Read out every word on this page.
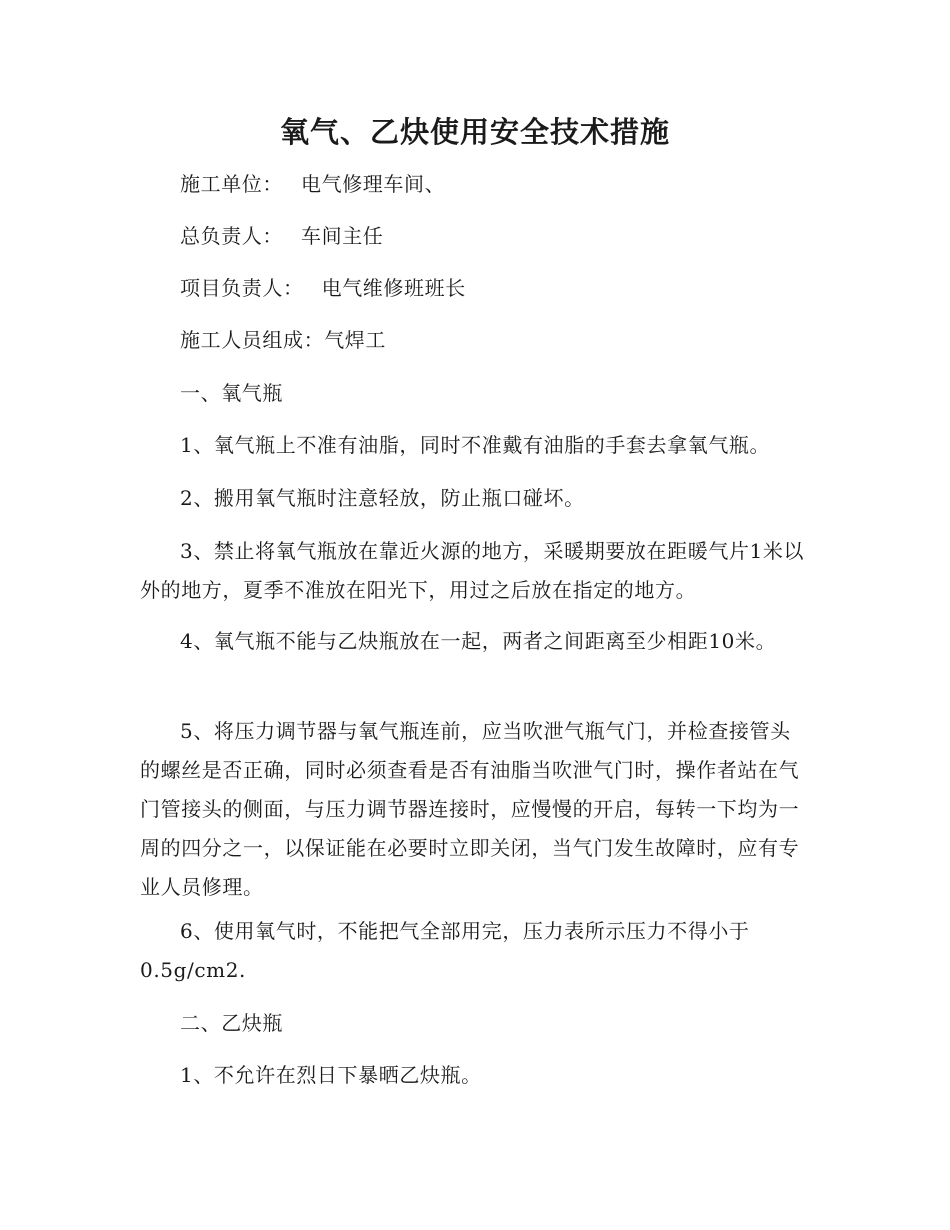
氧气、乙炔使用安全技术措施

施工单位： 电气修理车间、

总负责人： 车间主任

项目负责人： 电气维修班班长

施工人员组成：气焊工

一、氧气瓶

1、氧气瓶上不准有油脂，同时不准戴有油脂的手套去拿氧气瓶。

2、搬用氧气瓶时注意轻放，防止瓶口碰坏。

3、禁止将氧气瓶放在靠近火源的地方，采暖期要放在距暖气片1米以外的地方，夏季不准放在阳光下，用过之后放在指定的地方。

4、氧气瓶不能与乙炔瓶放在一起，两者之间距离至少相距10米。

5、将压力调节器与氧气瓶连前，应当吹泄气瓶气门，并检查接管头的螺丝是否正确，同时必须查看是否有油脂当吹泄气门时，操作者站在气门管接头的侧面，与压力调节器连接时，应慢慢的开启，每转一下均为一周的四分之一，以保证能在必要时立即关闭，当气门发生故障时，应有专业人员修理。

6、使用氧气时，不能把气全部用完，压力表所示压力不得小于0.5g/cm2.

二、乙炔瓶

1、不允许在烈日下暴晒乙炔瓶。
